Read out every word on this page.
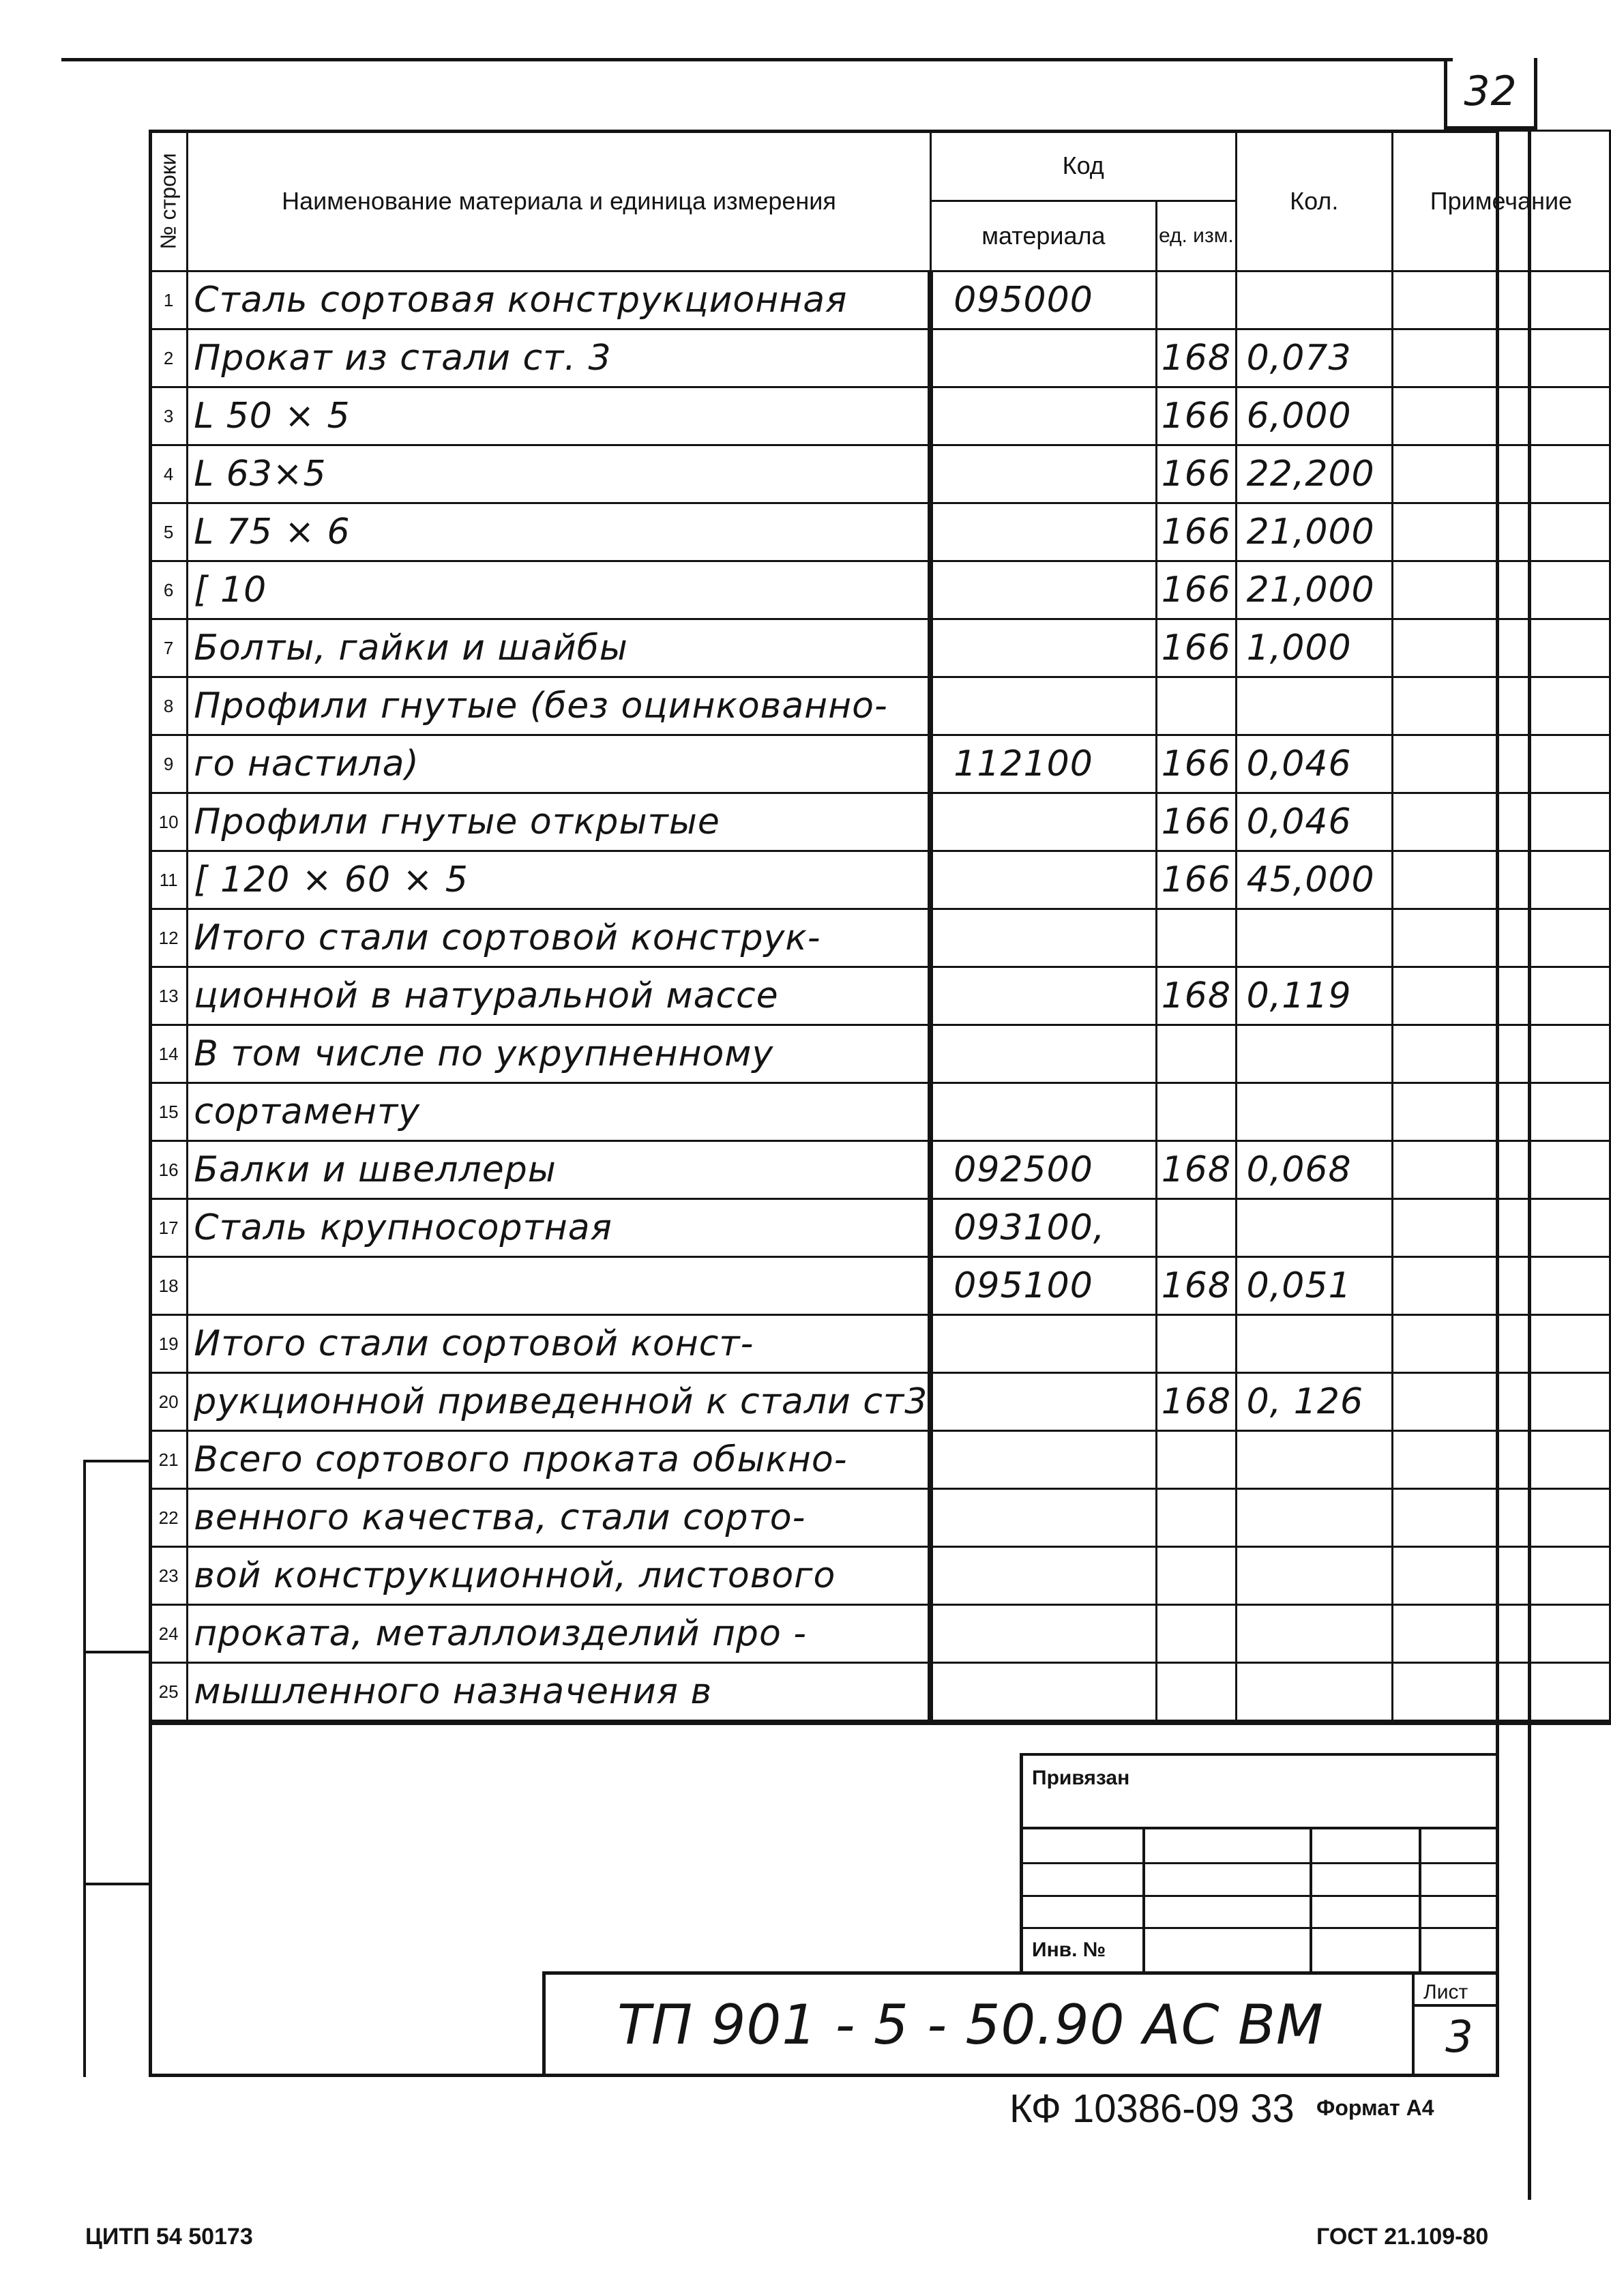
32
№ строки	Наименование материала и единица измерения	Код		Кол.	Примечание
		материала	ед. изм.		
1	Сталь сортовая конструкционная	095000			
2	Прокат из стали ст. 3		168	0,073	
3	L 50 × 5		166	6,000	
4	L 63×5		166	22,200	
5	L 75 × 6		166	21,000	
6	[ 10		166	21,000	
7	Болты, гайки и шайбы		166	1,000	
8	Профили гнутые (без оцинкованно-				
9	го настила)	112100	166	0,046	
10	Профили гнутые открытые		166	0,046	
11	[ 120 × 60 × 5		166	45,000	
12	Итого стали сортовой конструк-				
13	ционной в натуральной массе		168	0,119	
14	В том числе по укрупненному				
15	сортаменту				
16	Балки и швеллеры	092500	168	0,068	
17	Сталь крупносортная	093100,			
18		095100	168	0,051	
19	Итого стали сортовой конст-				
20	рукционной приведенной к стали ст3		168	0, 126	
21	Всего сортового проката обыкно-				
22	венного качества, стали сорто-				
23	вой конструкционной, листового				
24	проката, металлоизделий про -				
25	мышленного назначения в				
Привязан
Инв. №
ТП 901 - 5 - 50.90 АС ВМ
Лист
3
КФ 10386-09 33 Формат А4
ЦИТП 54 50173	ГОСТ 21.109-80
